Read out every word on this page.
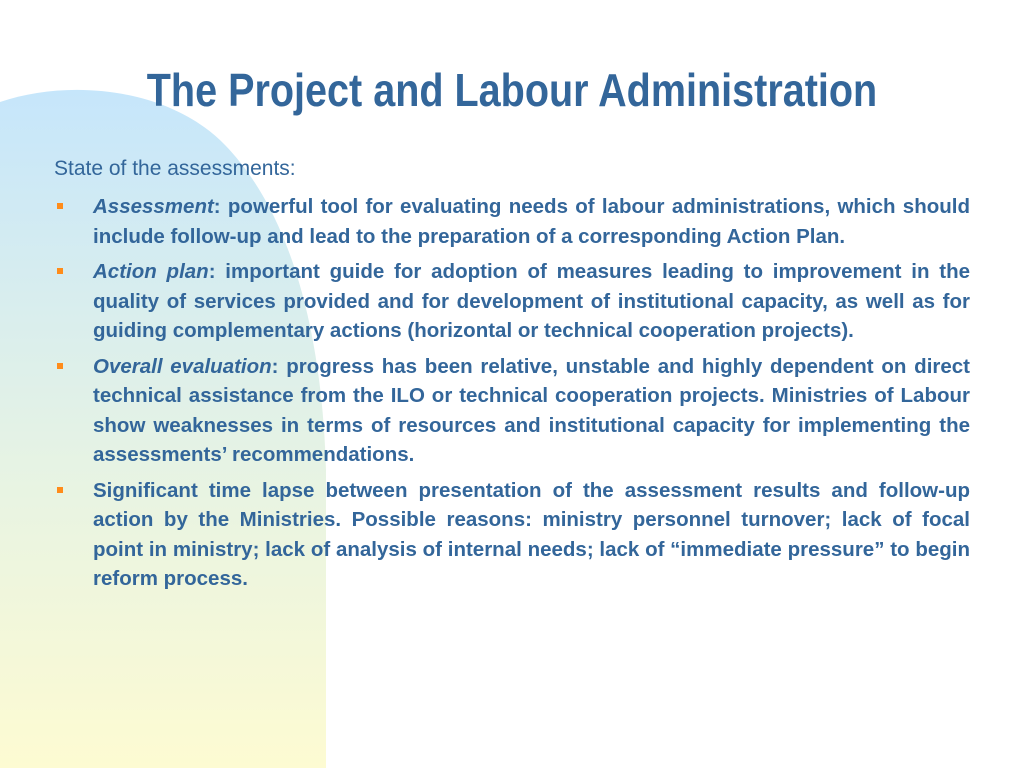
The Project and Labour Administration

State of the assessments:

Assessment: powerful tool for evaluating needs of labour administrations, which should include follow-up and lead to the preparation of a corresponding Action Plan.
Action plan: important guide for adoption of measures leading to improvement in the quality of services provided and for development of institutional capacity, as well as for guiding complementary actions (horizontal or technical cooperation projects).
Overall evaluation: progress has been relative, unstable and highly dependent on direct technical assistance from the ILO or technical cooperation projects. Ministries of Labour show weaknesses in terms of resources and institutional capacity for implementing the assessments’ recommendations.
Significant time lapse between presentation of the assessment results and follow-up action by the Ministries. Possible reasons: ministry personnel turnover; lack of focal point in ministry; lack of analysis of internal needs; lack of “immediate pressure” to begin reform process.
